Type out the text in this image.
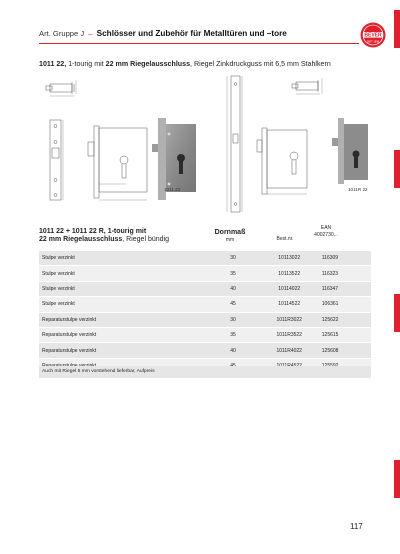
Art. Gruppe J – Schlösser und Zubehör für Metalltüren und –tore	BEVER
SEIT 1898
1011 22, 1-tourig mit 22 mm Riegelausschluss, Riegel Zinkdruckguss mit 6,5 mm Stahlkern
1011 22	1011R 22
1011 22 + 1011 22 R, 1-tourig mit
22 mm Riegelausschluss, Riegel bündig
Dornmaß
mm	Best.nr.
EAN
4002730...
Stulpe verzinkt	30	10113022	116309
Stulpe verzinkt	35	10113522	116323
Stulpe verzinkt	40	10114022	116347
Stulpe verzinkt	45	10114522	106361
Reparaturstulpe verzinkt	30	1011R3022	125622
Reparaturstulpe verzinkt	35	1011R3522	125615
Reparaturstulpe verzinkt	40	1011R4022	125608
Auch mit Riegel 5 mm vorstehend lieferbar, Aufpreis
117
